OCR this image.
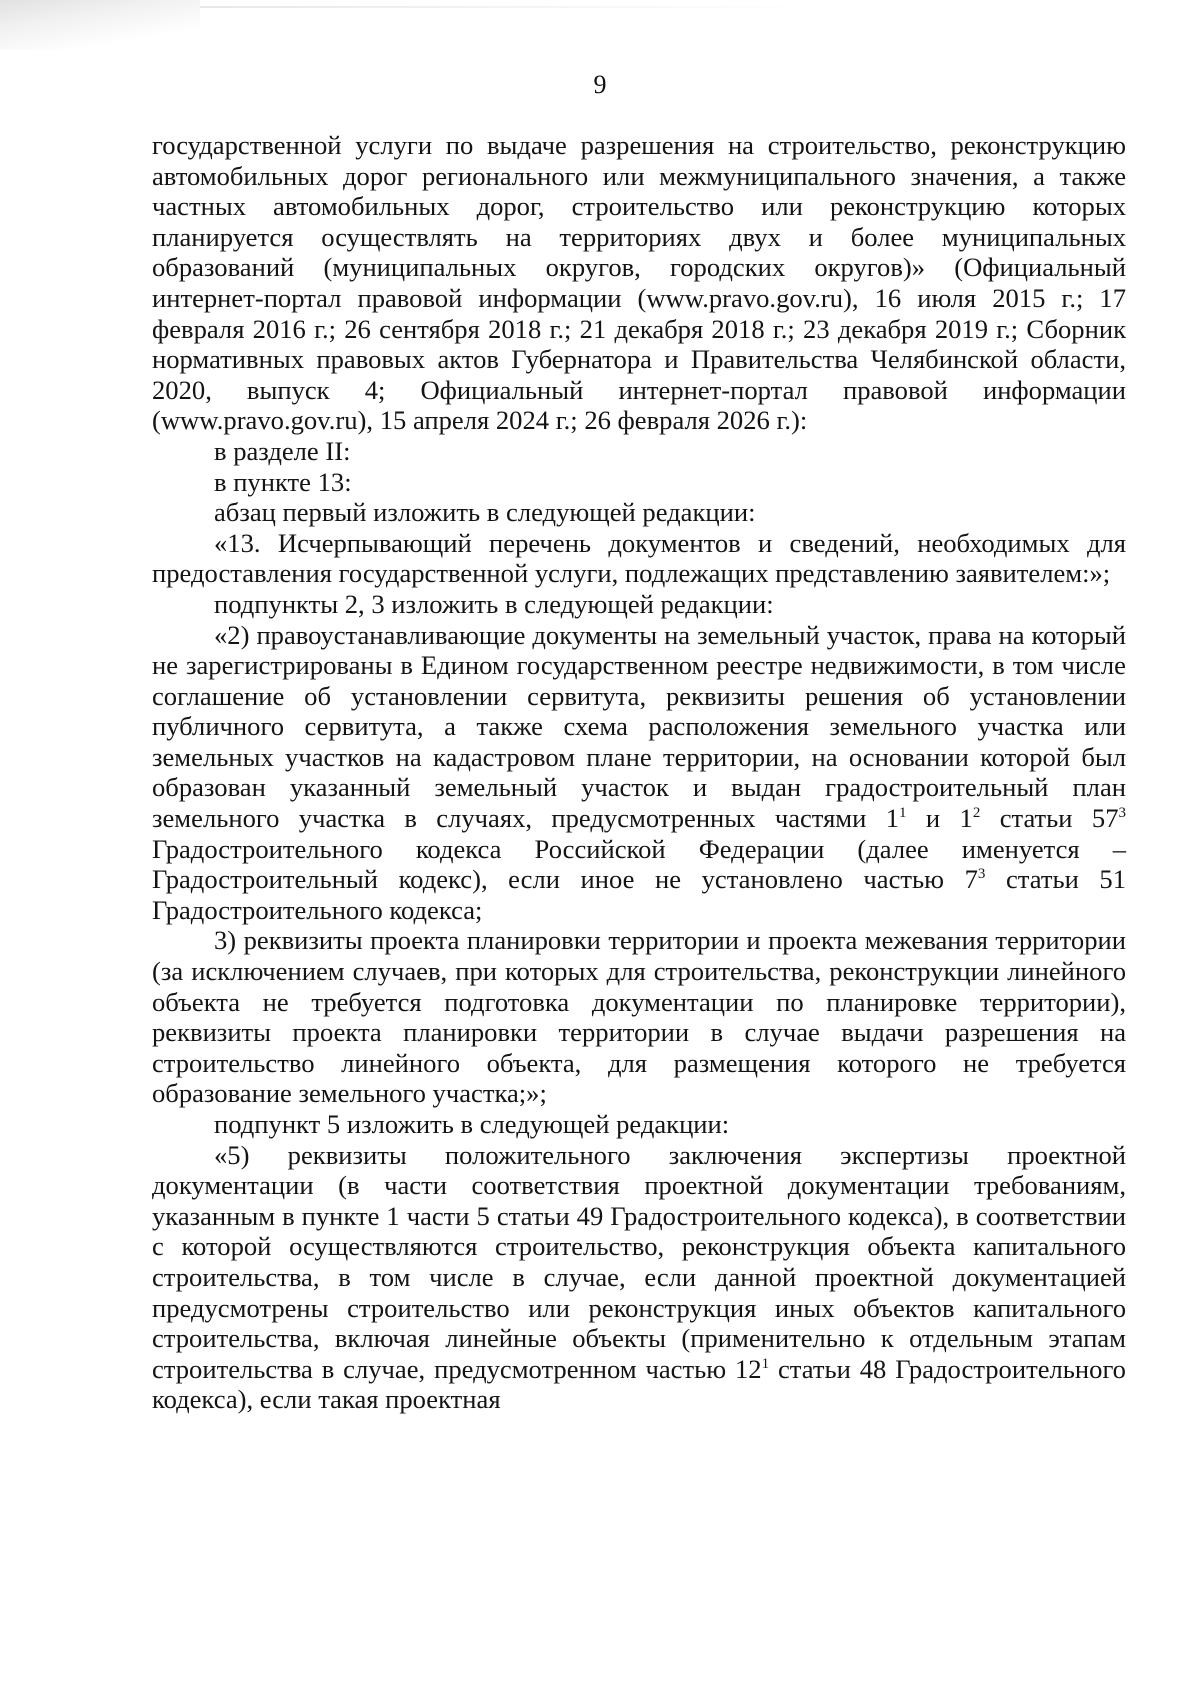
9

государственной услуги по выдаче разрешения на строительство, реконструкцию автомобильных дорог регионального или межмуниципального значения, а также частных автомобильных дорог, строительство или реконструкцию которых планируется осуществлять на территориях двух и более муниципальных образований (муниципальных округов, городских округов)» (Официальный интернет-портал правовой информации (www.pravo.gov.ru), 16 июля 2015 г.; 17 февраля 2016 г.; 26 сентября 2018 г.; 21 декабря 2018 г.; 23 декабря 2019 г.; Сборник нормативных правовых актов Губернатора и Правительства Челябинской области, 2020, выпуск 4; Официальный интернет-портал правовой информации (www.pravo.gov.ru), 15 апреля 2024 г.; 26 февраля 2026 г.):

в разделе II:

в пункте 13:

абзац первый изложить в следующей редакции:

«13. Исчерпывающий перечень документов и сведений, необходимых для предоставления государственной услуги, подлежащих представлению заявителем:»;

подпункты 2, 3 изложить в следующей редакции:

«2) правоустанавливающие документы на земельный участок, права на который не зарегистрированы в Едином государственном реестре недвижимости, в том числе соглашение об установлении сервитута, реквизиты решения об установлении публичного сервитута, а также схема расположения земельного участка или земельных участков на кадастровом плане территории, на основании которой был образован указанный земельный участок и выдан градостроительный план земельного участка в случаях, предусмотренных частями $1^1$ и $1^2$ статьи $57^3$ Градостроительного кодекса Российской Федерации (далее именуется – Градостроительный кодекс), если иное не установлено частью $7^3$ статьи 51 Градостроительного кодекса;

3) реквизиты проекта планировки территории и проекта межевания территории (за исключением случаев, при которых для строительства, реконструкции линейного объекта не требуется подготовка документации по планировке территории), реквизиты проекта планировки территории в случае выдачи разрешения на строительство линейного объекта, для размещения которого не требуется образование земельного участка;»;

подпункт 5 изложить в следующей редакции:

«5) реквизиты положительного заключения экспертизы проектной документации (в части соответствия проектной документации требованиям, указанным в пункте 1 части 5 статьи 49 Градостроительного кодекса), в соответствии с которой осуществляются строительство, реконструкция объекта капитального строительства, в том числе в случае, если данной проектной документацией предусмотрены строительство или реконструкция иных объектов капитального строительства, включая линейные объекты (применительно к отдельным этапам строительства в случае, предусмотренном частью $12^1$ статьи 48 Градостроительного кодекса), если такая проектная
